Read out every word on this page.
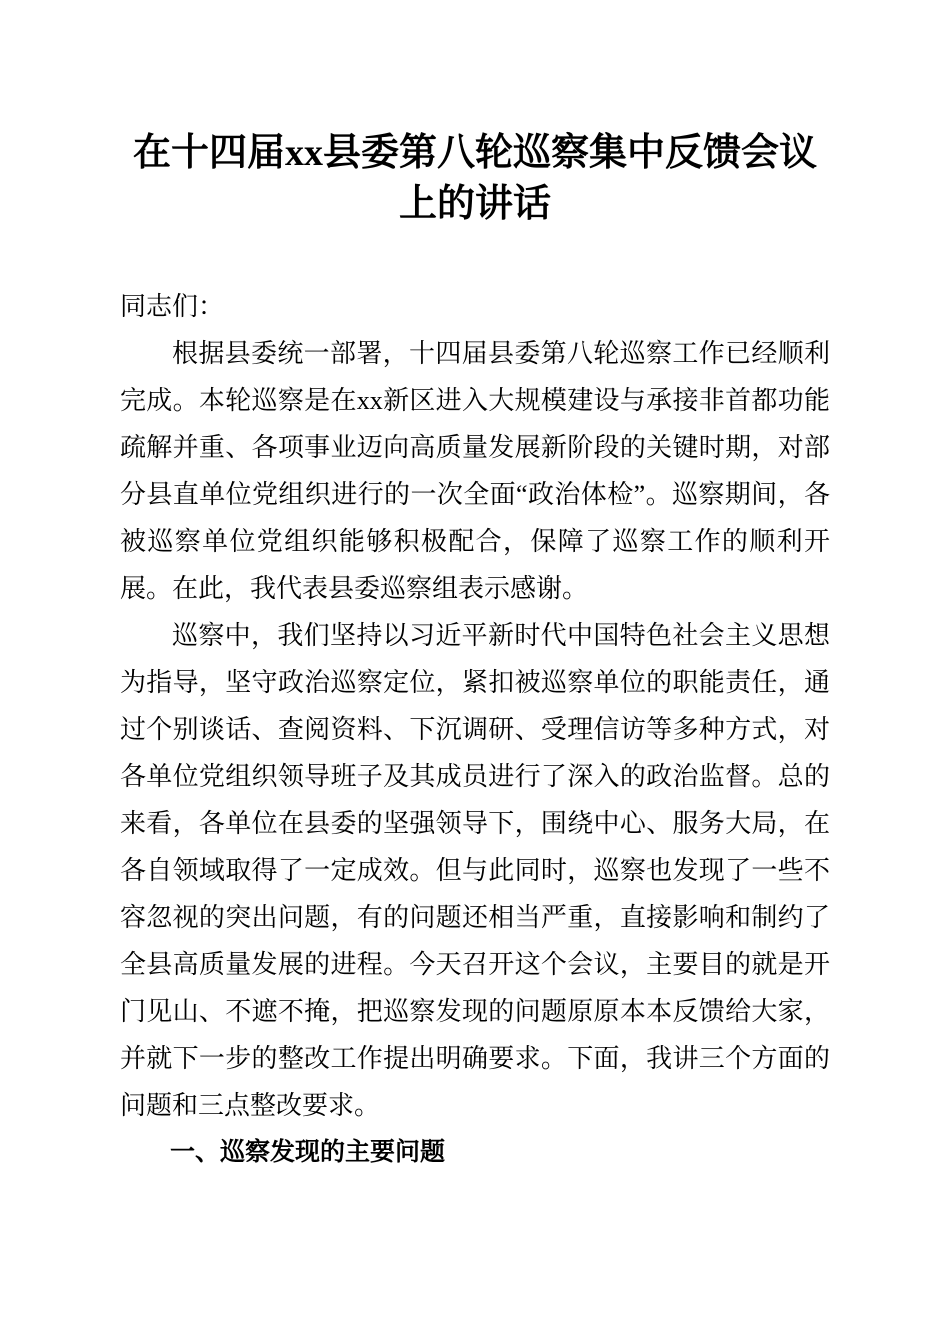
在十四届xx县委第八轮巡察集中反馈会议上的讲话

同志们：

根据县委统一部署，十四届县委第八轮巡察工作已经顺利完成。本轮巡察是在xx新区进入大规模建设与承接非首都功能疏解并重、各项事业迈向高质量发展新阶段的关键时期，对部分县直单位党组织进行的一次全面“政治体检”。巡察期间，各被巡察单位党组织能够积极配合，保障了巡察工作的顺利开展。在此，我代表县委巡察组表示感谢。

巡察中，我们坚持以习近平新时代中国特色社会主义思想为指导，坚守政治巡察定位，紧扣被巡察单位的职能责任，通过个别谈话、查阅资料、下沉调研、受理信访等多种方式，对各单位党组织领导班子及其成员进行了深入的政治监督。总的来看，各单位在县委的坚强领导下，围绕中心、服务大局，在各自领域取得了一定成效。但与此同时，巡察也发现了一些不容忽视的突出问题，有的问题还相当严重，直接影响和制约了全县高质量发展的进程。今天召开这个会议，主要目的就是开门见山、不遮不掩，把巡察发现的问题原原本本反馈给大家，并就下一步的整改工作提出明确要求。下面，我讲三个方面的问题和三点整改要求。

一、巡察发现的主要问题
